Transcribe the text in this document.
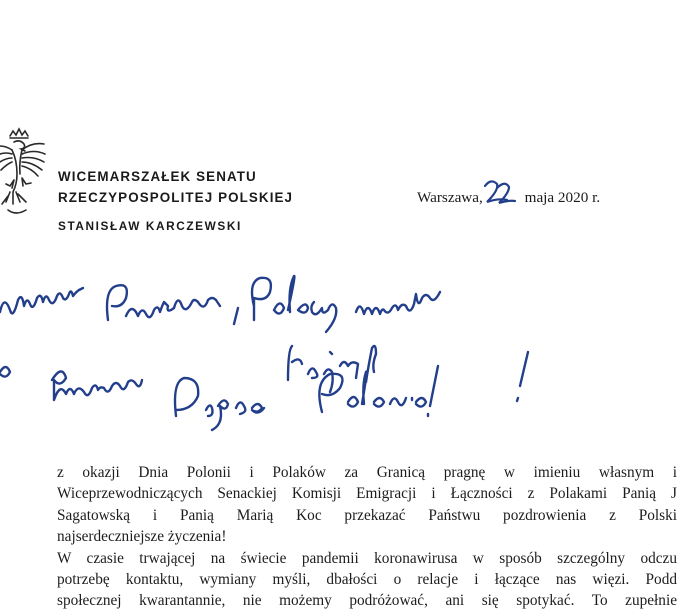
WICEMARSZAŁEK SENATU
RZECZYPOSPOLITEJ POLSKIEJ
STANISŁAW KARCZEWSKI
Warszawa,	maja 2020 r.

z okazji Dnia Polonii i Polaków za Granicą pragnę w imieniu własnym i

Wiceprzewodniczących Senackiej Komisji Emigracji i Łączności z Polakami Panią J

Sagatowską i Panią Marią Koc przekazać Państwu pozdrowienia z Polski

najserdeczniejsze życzenia!

W czasie trwającej na świecie pandemii koronawirusa w sposób szczególny odczu

potrzebę kontaktu, wymiany myśli, dbałości o relacje i łączące nas więzi. Podd

społecznej kwarantannie, nie możemy podróżować, ani się spotykać. To zupełnie
